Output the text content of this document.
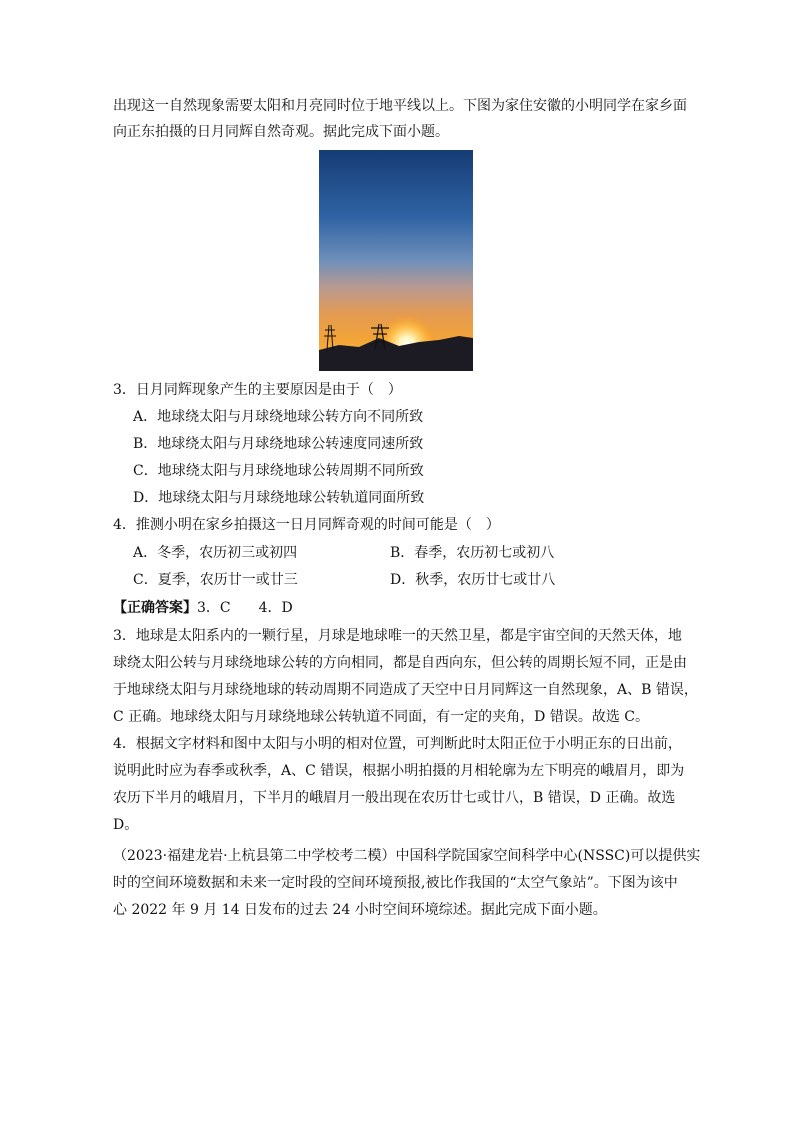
出现这一自然现象需要太阳和月亮同时位于地平线以上。下图为家住安徽的小明同学在家乡面
向正东拍摄的日月同辉自然奇观。据此完成下面小题。
3．日月同辉现象产生的主要原因是由于（　）
A．地球绕太阳与月球绕地球公转方向不同所致
B．地球绕太阳与月球绕地球公转速度同速所致
C．地球绕太阳与月球绕地球公转周期不同所致
D．地球绕太阳与月球绕地球公转轨道同面所致
4．推测小明在家乡拍摄这一日月同辉奇观的时间可能是（　）
A．冬季，农历初三或初四	B．春季，农历初七或初八
C．夏季，农历廿一或廿三	D．秋季，农历廿七或廿八
【正确答案】3．C　　4．D
3．地球是太阳系内的一颗行星，月球是地球唯一的天然卫星，都是宇宙空间的天然天体，地
球绕太阳公转与月球绕地球公转的方向相同，都是自西向东，但公转的周期长短不同，正是由
于地球绕太阳与月球绕地球的转动周期不同造成了天空中日月同辉这一自然现象，A、B 错误，
C 正确。地球绕太阳与月球绕地球公转轨道不同面，有一定的夹角，D 错误。故选 C。
4．根据文字材料和图中太阳与小明的相对位置，可判断此时太阳正位于小明正东的日出前，
说明此时应为春季或秋季，A、C 错误，根据小明拍摄的月相轮廓为左下明亮的峨眉月，即为
农历下半月的峨眉月，下半月的峨眉月一般出现在农历廿七或廿八，B 错误，D 正确。故选
D。
（2023·福建龙岩·上杭县第二中学校考二模）中国科学院国家空间科学中心(NSSC)可以提供实
时的空间环境数据和未来一定时段的空间环境预报,被比作我国的“太空气象站”。下图为该中
心 2022 年 9 月 14 日发布的过去 24 小时空间环境综述。据此完成下面小题。
